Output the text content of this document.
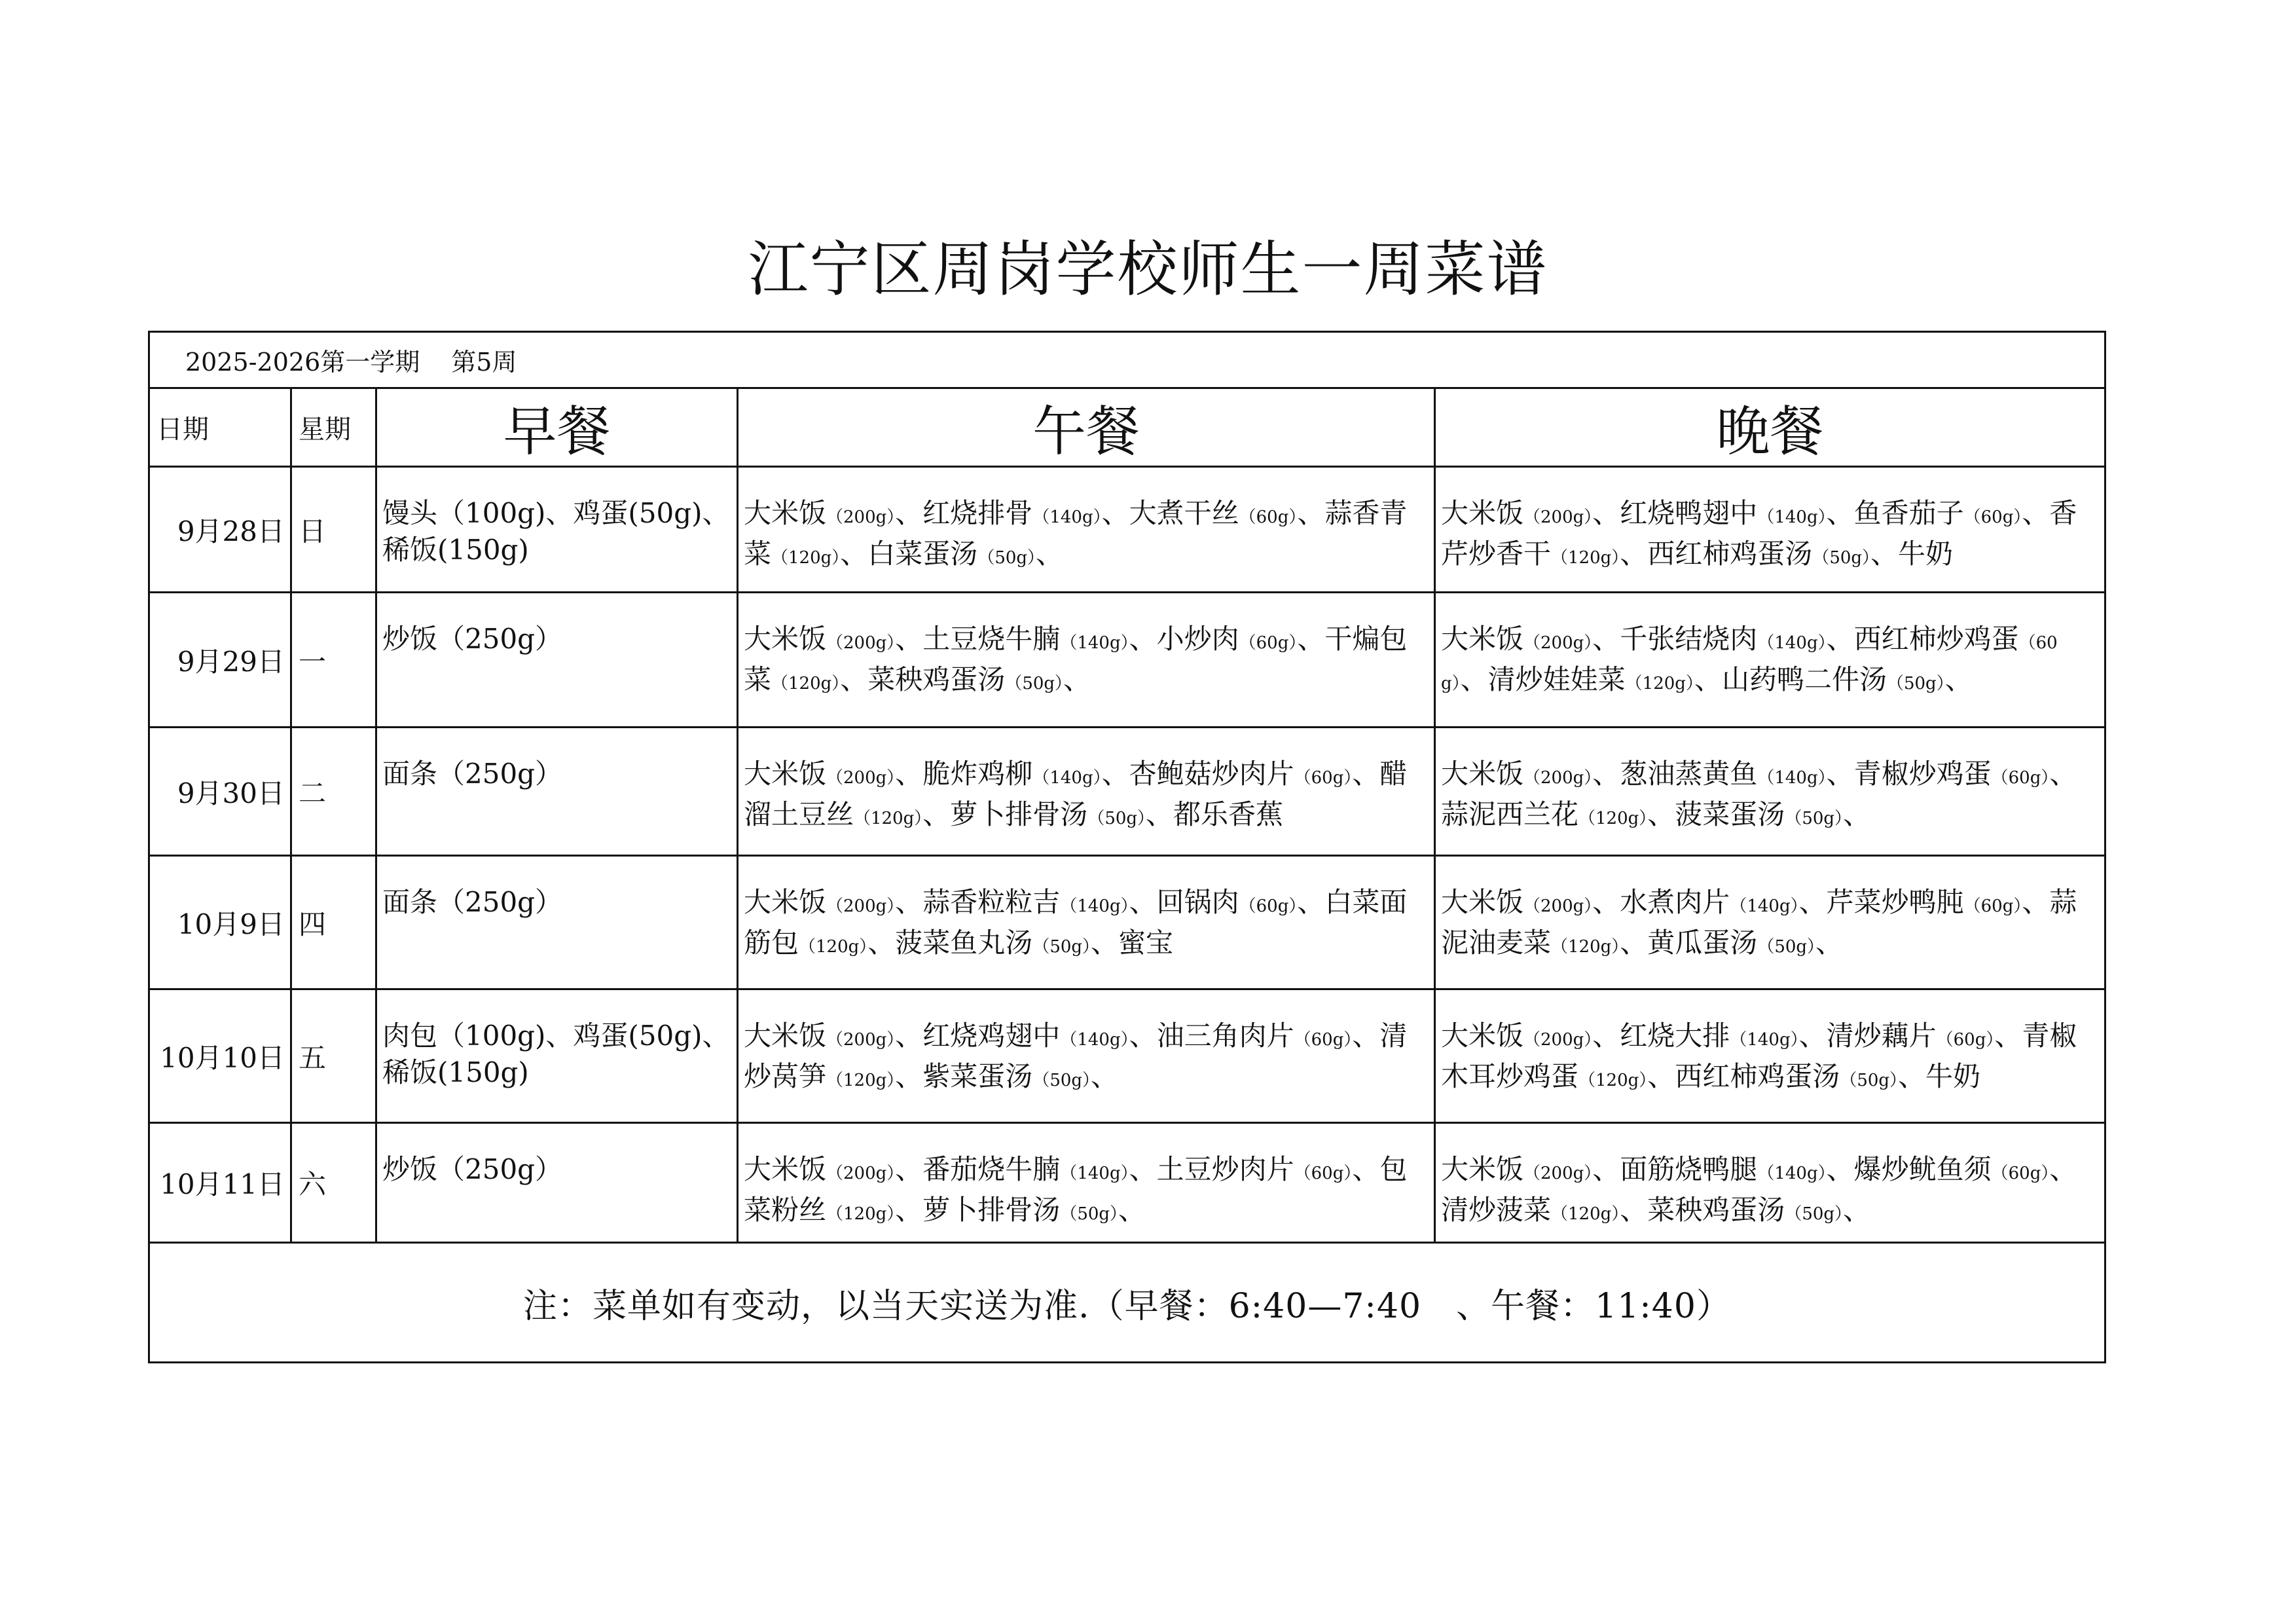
江宁区周岗学校师生一周菜谱
2025-2026第一学期 第5周				
日期	星期	早餐	午餐	晚餐
9月28日	日	馒头（100g)、鸡蛋(50g)、稀饭(150g)	大米饭（200g）、红烧排骨（140g）、大煮干丝（60g）、蒜香青菜（120g）、白菜蛋汤（50g）、	大米饭（200g）、红烧鸭翅中（140g）、鱼香茄子（60g）、香芹炒香干（120g）、西红柿鸡蛋汤（50g）、牛奶
9月29日	一	炒饭（250g）	大米饭（200g）、土豆烧牛腩（140g）、小炒肉（60g）、干煸包菜（120g）、菜秧鸡蛋汤（50g）、	大米饭（200g）、千张结烧肉（140g）、西红柿炒鸡蛋（60g）、清炒娃娃菜（120g）、山药鸭二件汤（50g）、
9月30日	二	面条（250g）	大米饭（200g）、脆炸鸡柳（140g）、杏鲍菇炒肉片（60g）、醋溜土豆丝（120g）、萝卜排骨汤（50g）、都乐香蕉	大米饭（200g）、葱油蒸黄鱼（140g）、青椒炒鸡蛋（60g）、蒜泥西兰花（120g）、菠菜蛋汤（50g）、
10月9日	四	面条（250g）	大米饭（200g）、蒜香粒粒吉（140g）、回锅肉（60g）、白菜面筋包（120g）、菠菜鱼丸汤（50g）、蜜宝	大米饭（200g）、水煮肉片（140g）、芹菜炒鸭肫（60g）、蒜泥油麦菜（120g）、黄瓜蛋汤（50g）、
10月10日	五	肉包（100g)、鸡蛋(50g)、稀饭(150g)	大米饭（200g）、红烧鸡翅中（140g）、油三角肉片（60g）、清炒莴笋（120g）、紫菜蛋汤（50g）、	大米饭（200g）、红烧大排（140g）、清炒藕片（60g）、青椒木耳炒鸡蛋（120g）、西红柿鸡蛋汤（50g）、牛奶
10月11日	六	炒饭（250g）	大米饭（200g）、番茄烧牛腩（140g）、土豆炒肉片（60g）、包菜粉丝（120g）、萝卜排骨汤（50g）、	大米饭（200g）、面筋烧鸭腿（140g）、爆炒鱿鱼须（60g）、清炒菠菜（120g）、菜秧鸡蛋汤（50g）、
注：菜单如有变动，以当天实送为准.（早餐：6:40—7:40　、午餐：11:40）				
